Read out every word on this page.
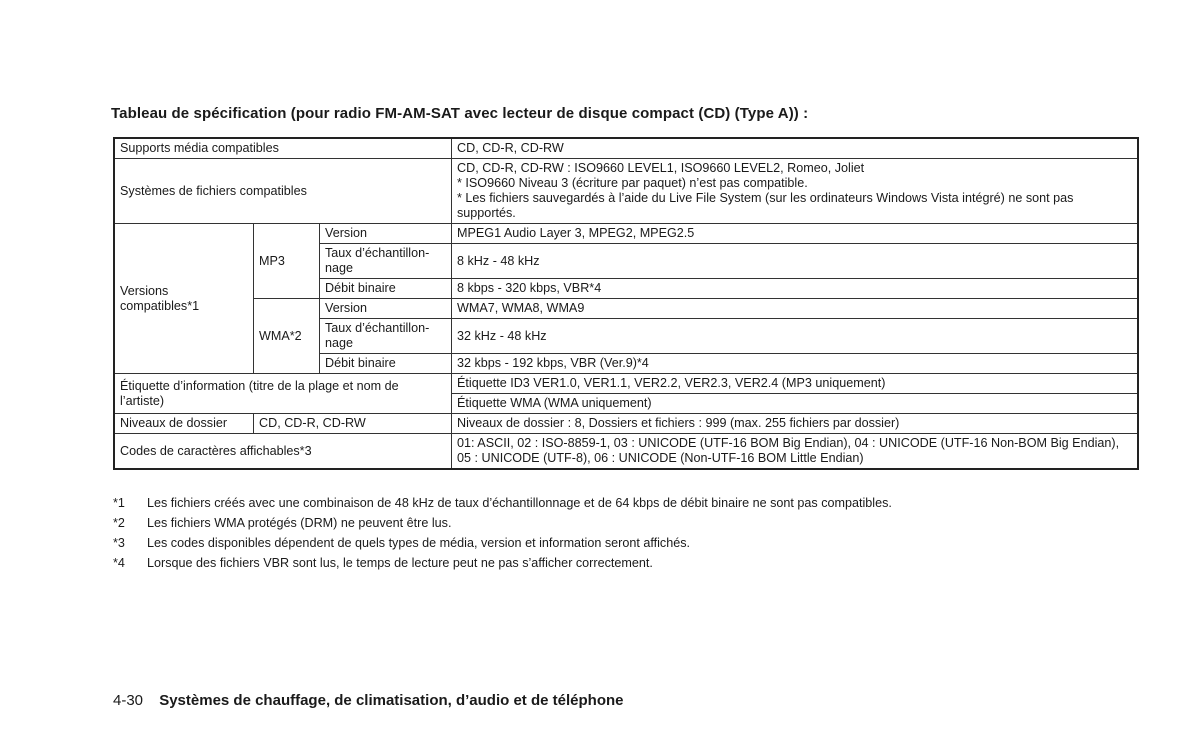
Tableau de spécification (pour radio FM-AM-SAT avec lecteur de disque compact (CD) (Type A)) :
Supports média compatibles			CD, CD-R, CD-RW
Systèmes de fichiers compatibles			CD, CD-R, CD-RW : ISO9660 LEVEL1, ISO9660 LEVEL2, Romeo, Joliet
* ISO9660 Niveau 3 (écriture par paquet) n’est pas compatible.
* Les fichiers sauvegardés à l’aide du Live File System (sur les ordinateurs Windows Vista intégré) ne sont pas supportés.

Versions compatibles*1	MP3	Version	MPEG1 Audio Layer 3, MPEG2, MPEG2.5
		Taux d’échantillon-nage	8 kHz - 48 kHz
		Débit binaire	8 kbps - 320 kbps, VBR*4
	WMA*2	Version	WMA7, WMA8, WMA9
		Taux d’échantillon-nage	32 kHz - 48 kHz
		Débit binaire	32 kbps - 192 kbps, VBR (Ver.9)*4
Étiquette d’information (titre de la plage et nom de l’artiste)			Étiquette ID3 VER1.0, VER1.1, VER2.2, VER2.3, VER2.4 (MP3 uniquement)
			Étiquette WMA (WMA uniquement)
Niveaux de dossier	CD, CD-R, CD-RW		Niveaux de dossier : 8, Dossiers et fichiers : 999 (max. 255 fichiers par dossier)
Codes de caractères affichables*3			01: ASCII, 02 : ISO-8859-1, 03 : UNICODE (UTF-16 BOM Big Endian), 04 : UNICODE (UTF-16 Non-BOM Big Endian), 05 : UNICODE (UTF-8), 06 : UNICODE (Non-UTF-16 BOM Little Endian)
*1	Les fichiers créés avec une combinaison de 48 kHz de taux d’échantillonnage et de 64 kbps de débit binaire ne sont pas compatibles.
*2	Les fichiers WMA protégés (DRM) ne peuvent être lus.
*3	Les codes disponibles dépendent de quels types de média, version et information seront affichés.
*4	Lorsque des fichiers VBR sont lus, le temps de lecture peut ne pas s’afficher correctement.
4-30 Systèmes de chauffage, de climatisation, d’audio et de téléphone
